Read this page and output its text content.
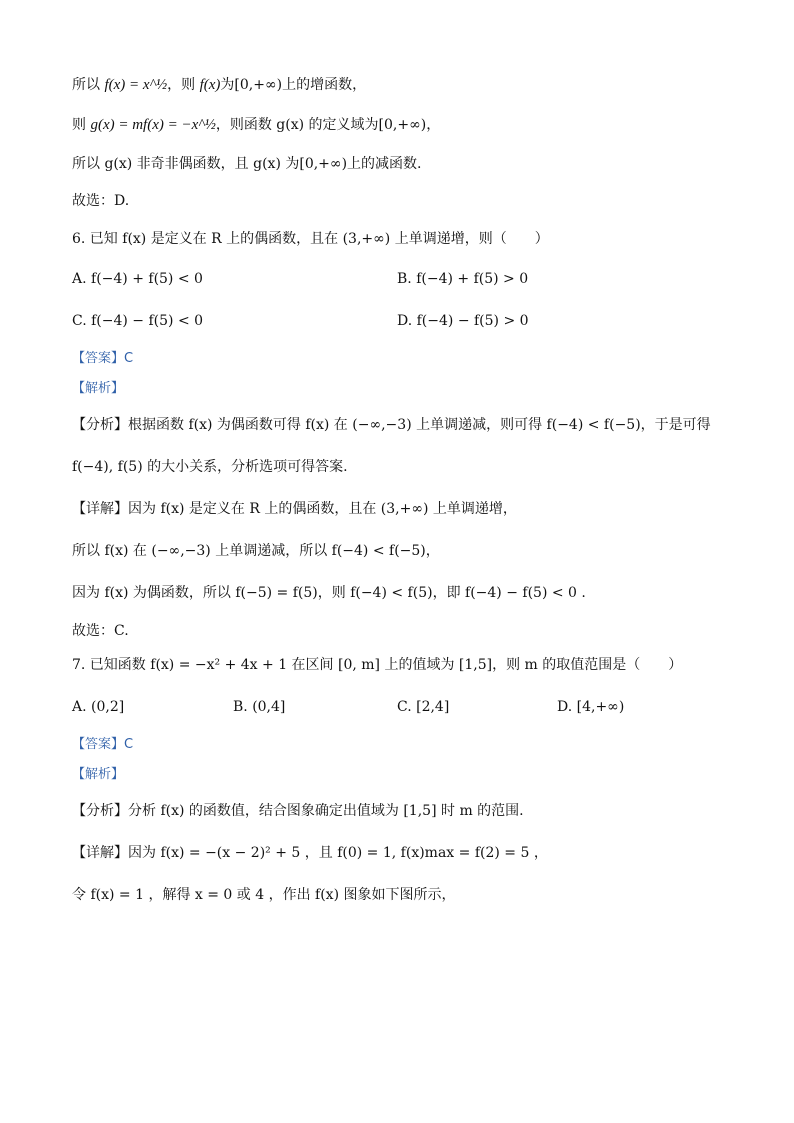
所以 f(x) = x^½，则 f(x)为[0,+∞)上的增函数，
则 g(x) = mf(x) = −x^½，则函数 g(x) 的定义域为[0,+∞)，
所以 g(x) 非奇非偶函数，且 g(x) 为[0,+∞)上的减函数.
故选：D.
6. 已知 f(x) 是定义在 R 上的偶函数，且在 (3,+∞) 上单调递增，则（　　）
A. f(−4) + f(5) < 0	B. f(−4) + f(5) > 0
C. f(−4) − f(5) < 0	D. f(−4) − f(5) > 0
【答案】C
【解析】
【分析】根据函数 f(x) 为偶函数可得 f(x) 在 (−∞,−3) 上单调递减，则可得 f(−4) < f(−5)，于是可得
f(−4), f(5) 的大小关系，分析选项可得答案.
【详解】因为 f(x) 是定义在 R 上的偶函数，且在 (3,+∞) 上单调递增，
所以 f(x) 在 (−∞,−3) 上单调递减，所以 f(−4) < f(−5)，
因为 f(x) 为偶函数，所以 f(−5) = f(5)，则 f(−4) < f(5)，即 f(−4) − f(5) < 0 .
故选：C.
7. 已知函数 f(x) = −x² + 4x + 1 在区间 [0, m] 上的值域为 [1,5]，则 m 的取值范围是（　　）
A. (0,2]	B. (0,4]	C. [2,4]	D. [4,+∞)
【答案】C
【解析】
【分析】分析 f(x) 的函数值，结合图象确定出值域为 [1,5] 时 m 的范围.
【详解】因为 f(x) = −(x − 2)² + 5 ，且 f(0) = 1, f(x)max = f(2) = 5 ，
令 f(x) = 1 ，解得 x = 0 或 4 ，作出 f(x) 图象如下图所示，
